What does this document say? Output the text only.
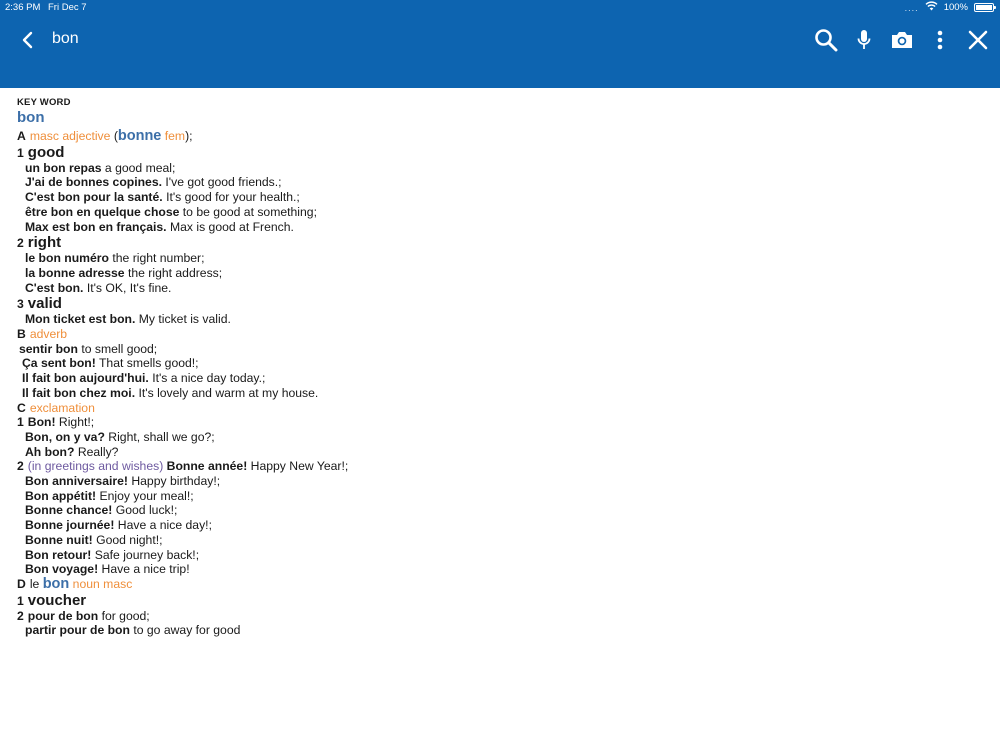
2:36 PM Fri Dec 7	....	100%
bon
KEY WORD
bon
A masc adjective (bonne fem);
1 good
un bon repas a good meal;
J'ai de bonnes copines. I've got good friends.;
C'est bon pour la santé. It's good for your health.;
être bon en quelque chose to be good at something;
Max est bon en français. Max is good at French.
2 right
le bon numéro the right number;
la bonne adresse the right address;
C'est bon. It's OK, It's fine.
3 valid
Mon ticket est bon. My ticket is valid.
B adverb
sentir bon to smell good;
Ça sent bon! That smells good!;
Il fait bon aujourd'hui. It's a nice day today.;
Il fait bon chez moi. It's lovely and warm at my house.
C exclamation
1 Bon! Right!;
Bon, on y va? Right, shall we go?;
Ah bon? Really?
2 (in greetings and wishes) Bonne année! Happy New Year!;
Bon anniversaire! Happy birthday!;
Bon appétit! Enjoy your meal!;
Bonne chance! Good luck!;
Bonne journée! Have a nice day!;
Bonne nuit! Good night!;
Bon retour! Safe journey back!;
Bon voyage! Have a nice trip!
D le bon noun masc
1 voucher
2 pour de bon for good;
partir pour de bon to go away for good
